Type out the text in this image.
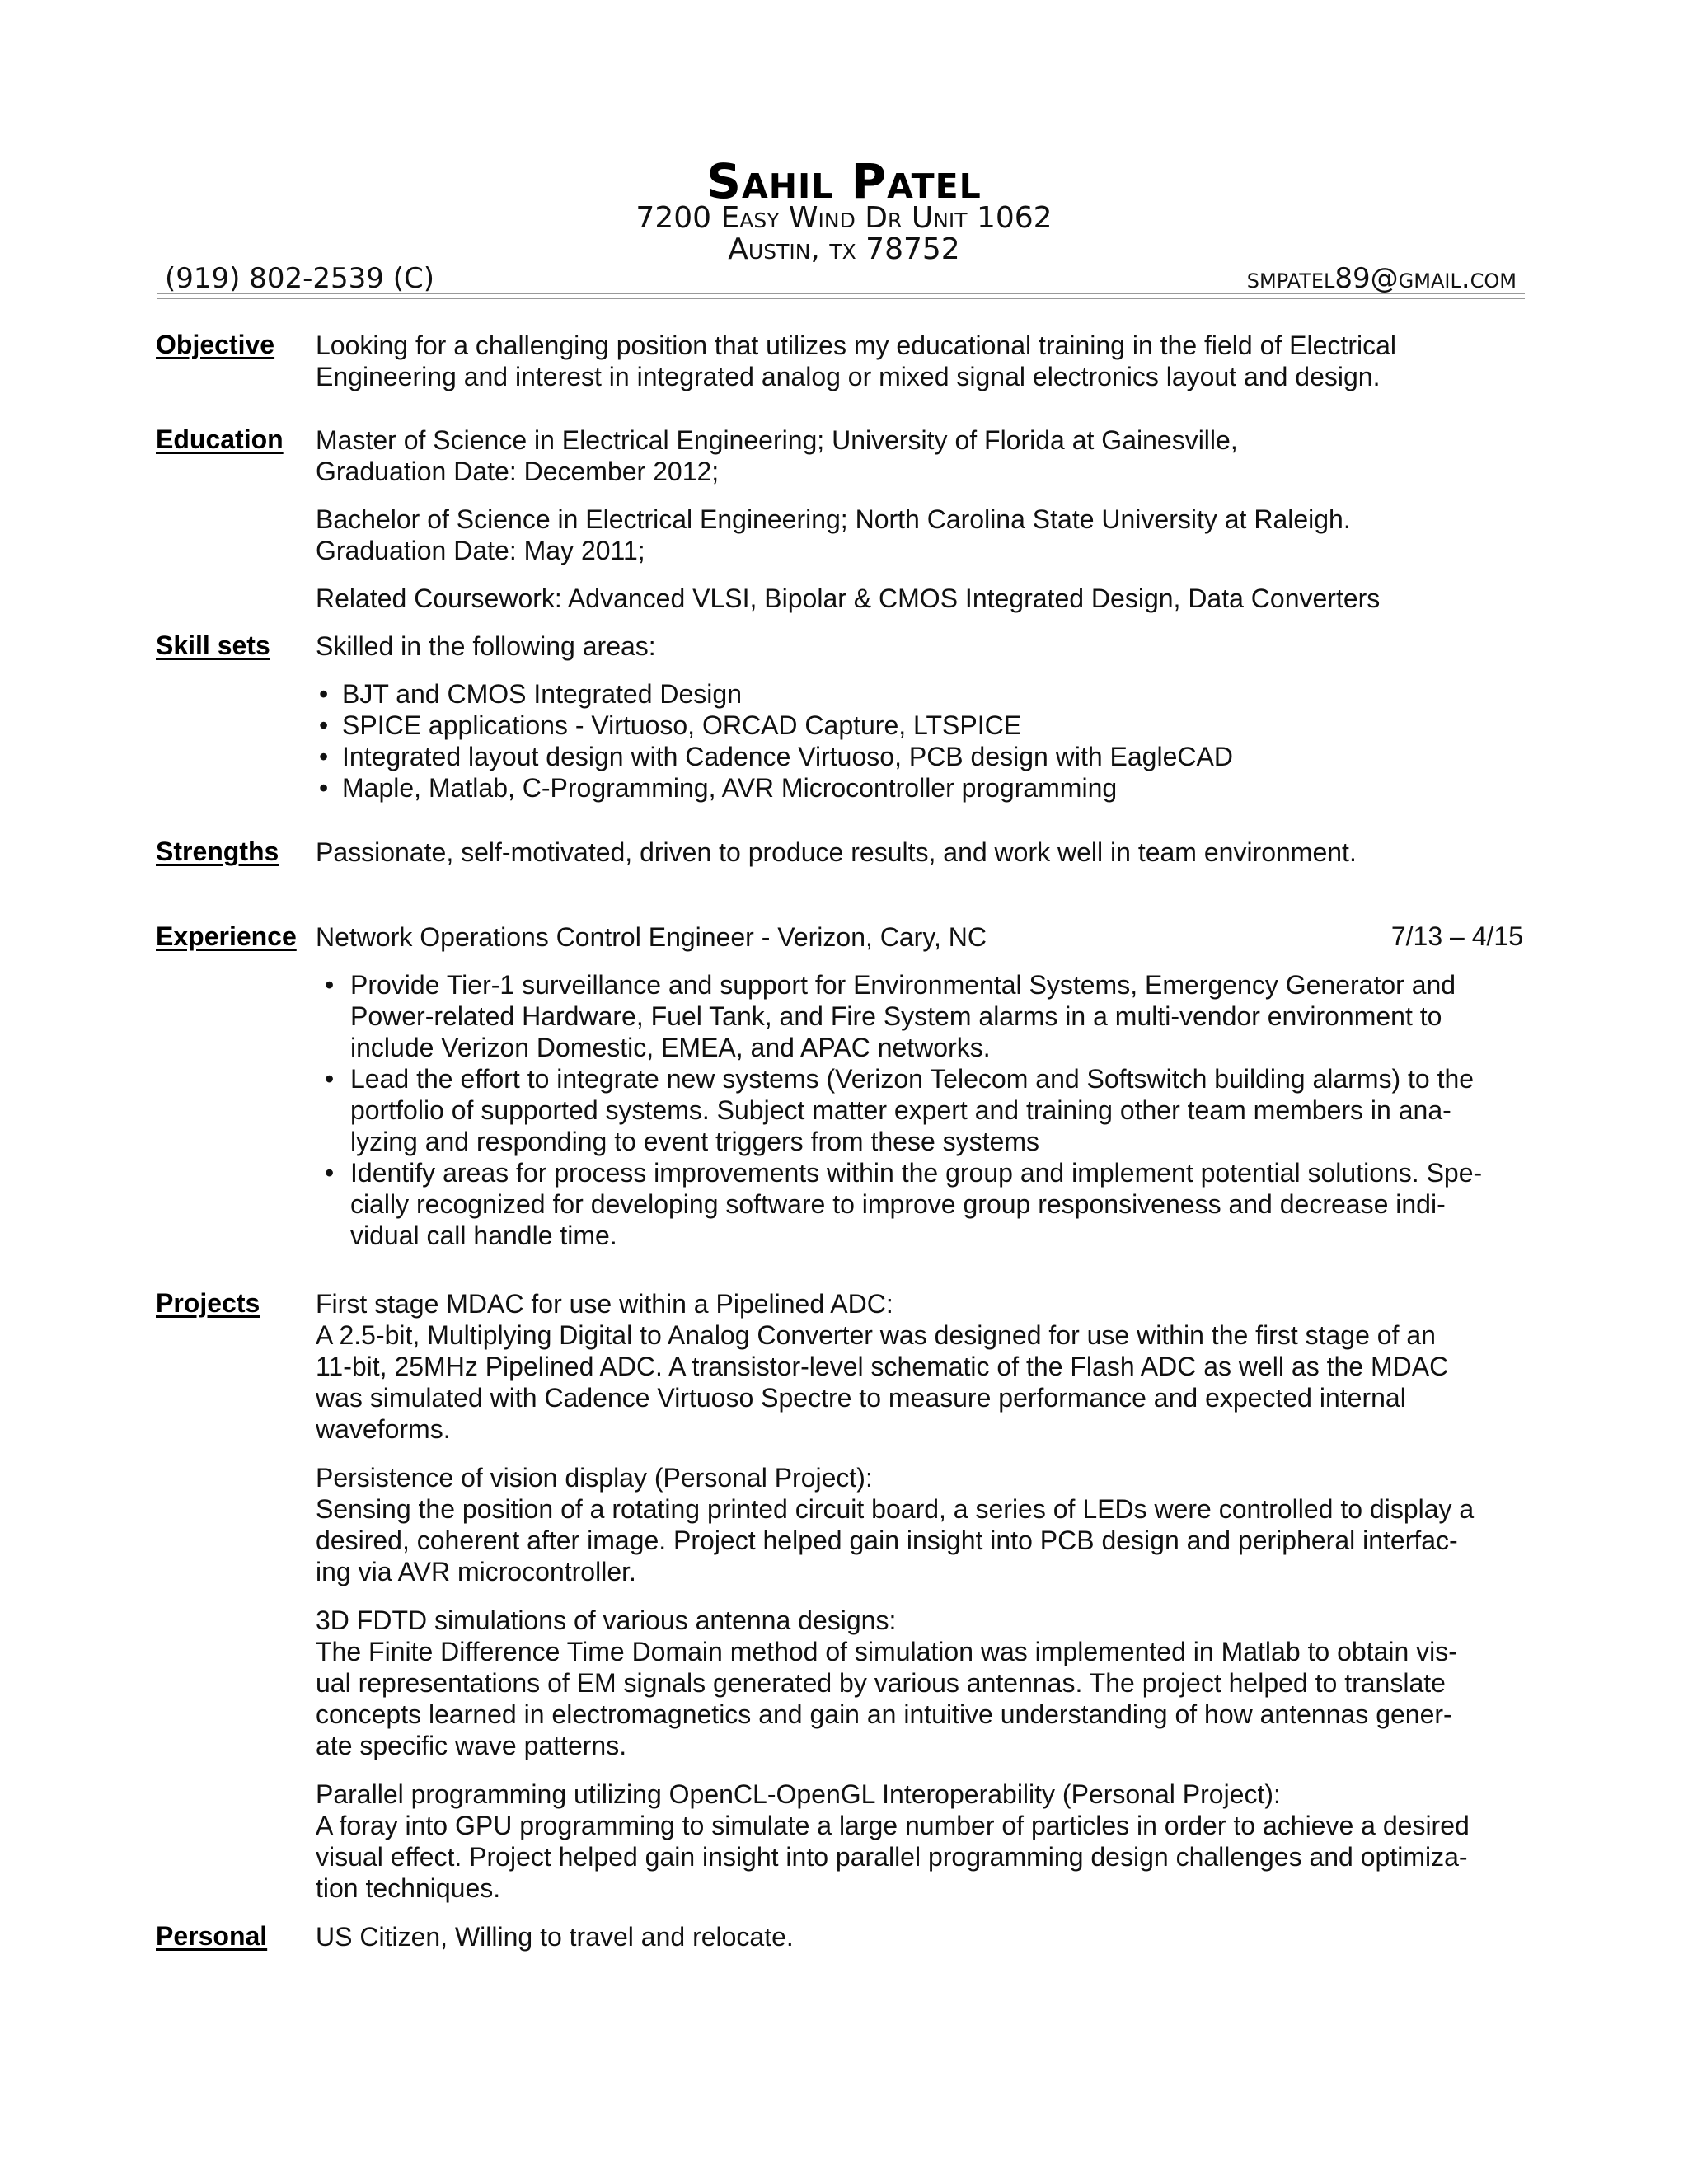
Sahil Patel
7200 Easy Wind Dr Unit 1062
Austin, tx 78752
(919) 802-2539 (C)	smpatel89@gmail.com
Objective Looking for a challenging position that utilizes my educational training in the field of Electrical
Engineering and interest in integrated analog or mixed signal electronics layout and design.
Education Master of Science in Electrical Engineering; University of Florida at Gainesville,
Graduation Date: December 2012;
Bachelor of Science in Electrical Engineering; North Carolina State University at Raleigh.
Graduation Date: May 2011;
Related Coursework: Advanced VLSI, Bipolar & CMOS Integrated Design, Data Converters
Skill sets Skilled in the following areas:
• BJT and CMOS Integrated Design
• SPICE applications - Virtuoso, ORCAD Capture, LTSPICE
• Integrated layout design with Cadence Virtuoso, PCB design with EagleCAD
• Maple, Matlab, C-Programming, AVR Microcontroller programming
Strengths Passionate, self-motivated, driven to produce results, and work well in team environment.
Experience Network Operations Control Engineer - Verizon, Cary, NC	7/13 – 4/15
• Provide Tier-1 surveillance and support for Environmental Systems, Emergency Generator and
Power-related Hardware, Fuel Tank, and Fire System alarms in a multi-vendor environment to
include Verizon Domestic, EMEA, and APAC networks.
• Lead the effort to integrate new systems (Verizon Telecom and Softswitch building alarms) to the
portfolio of supported systems. Subject matter expert and training other team members in ana-
lyzing and responding to event triggers from these systems
• Identify areas for process improvements within the group and implement potential solutions. Spe-
cially recognized for developing software to improve group responsiveness and decrease indi-
vidual call handle time.
Projects First stage MDAC for use within a Pipelined ADC:
A 2.5-bit, Multiplying Digital to Analog Converter was designed for use within the first stage of an
11-bit, 25MHz Pipelined ADC. A transistor-level schematic of the Flash ADC as well as the MDAC
was simulated with Cadence Virtuoso Spectre to measure performance and expected internal
waveforms.
Persistence of vision display (Personal Project):
Sensing the position of a rotating printed circuit board, a series of LEDs were controlled to display a
desired, coherent after image. Project helped gain insight into PCB design and peripheral interfac-
ing via AVR microcontroller.
3D FDTD simulations of various antenna designs:
The Finite Difference Time Domain method of simulation was implemented in Matlab to obtain vis-
ual representations of EM signals generated by various antennas. The project helped to translate
concepts learned in electromagnetics and gain an intuitive understanding of how antennas gener-
ate specific wave patterns.
Parallel programming utilizing OpenCL-OpenGL Interoperability (Personal Project):
A foray into GPU programming to simulate a large number of particles in order to achieve a desired
visual effect. Project helped gain insight into parallel programming design challenges and optimiza-
tion techniques.
Personal US Citizen, Willing to travel and relocate.
